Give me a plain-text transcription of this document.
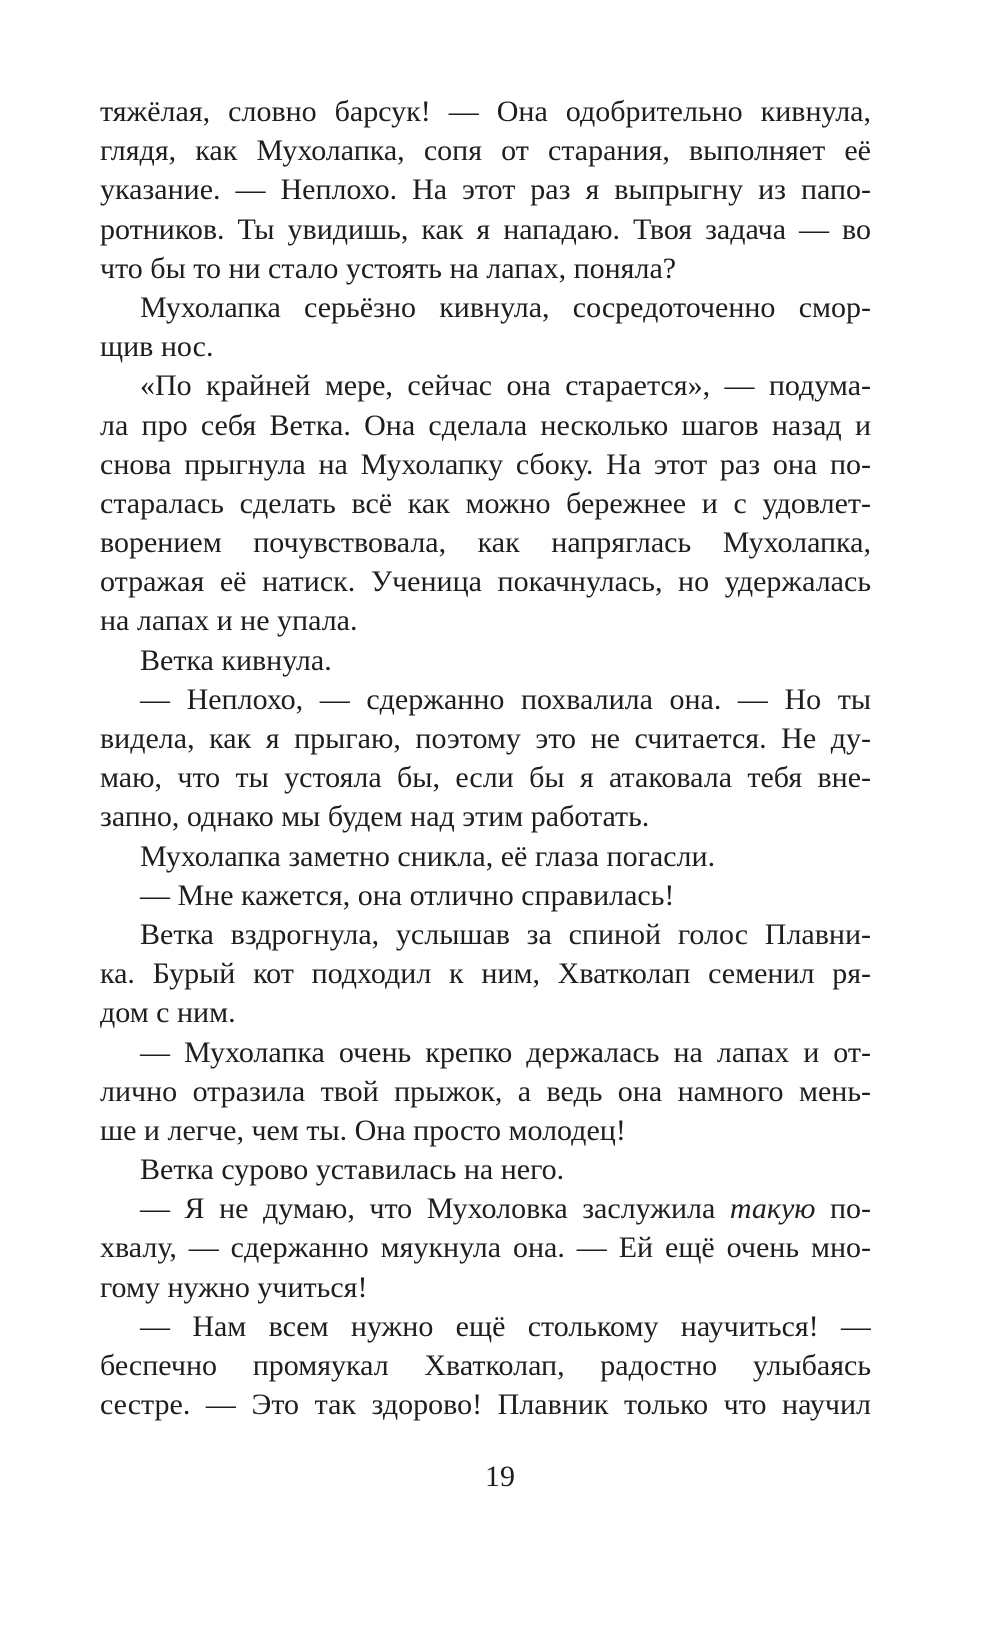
тяжёлая, словно барсук! — Она одобрительно кивнула,
глядя, как Мухолапка, сопя от старания, выполняет её
указание. — Неплохо. На этот раз я выпрыгну из папо-
ротников. Ты увидишь, как я нападаю. Твоя задача — во
что бы то ни стало устоять на лапах, поняла?
Мухолапка серьёзно кивнула, сосредоточенно смор-
щив нос.
«По крайней мере, сейчас она старается», — подума-
ла про себя Ветка. Она сделала несколько шагов назад и
снова прыгнула на Мухолапку сбоку. На этот раз она по-
старалась сделать всё как можно бережнее и с удовлет-
ворением почувствовала, как напряглась Мухолапка,
отражая её натиск. Ученица покачнулась, но удержалась
на лапах и не упала.
Ветка кивнула.
— Неплохо, — сдержанно похвалила она. — Но ты
видела, как я прыгаю, поэтому это не считается. Не ду-
маю, что ты устояла бы, если бы я атаковала тебя вне-
запно, однако мы будем над этим работать.
Мухолапка заметно сникла, её глаза погасли.
— Мне кажется, она отлично справилась!
Ветка вздрогнула, услышав за спиной голос Плавни-
ка. Бурый кот подходил к ним, Хватколап семенил ря-
дом с ним.
— Мухолапка очень крепко держалась на лапах и от-
лично отразила твой прыжок, а ведь она намного мень-
ше и легче, чем ты. Она просто молодец!
Ветка сурово уставилась на него.
— Я не думаю, что Мухоловка заслужила такую по-
хвалу, — сдержанно мяукнула она. — Ей ещё очень мно-
гому нужно учиться!
— Нам всем нужно ещё столькому научиться! —
беспечно промяукал Хватколап, радостно улыбаясь
сестре. — Это так здорово! Плавник только что научил
19
